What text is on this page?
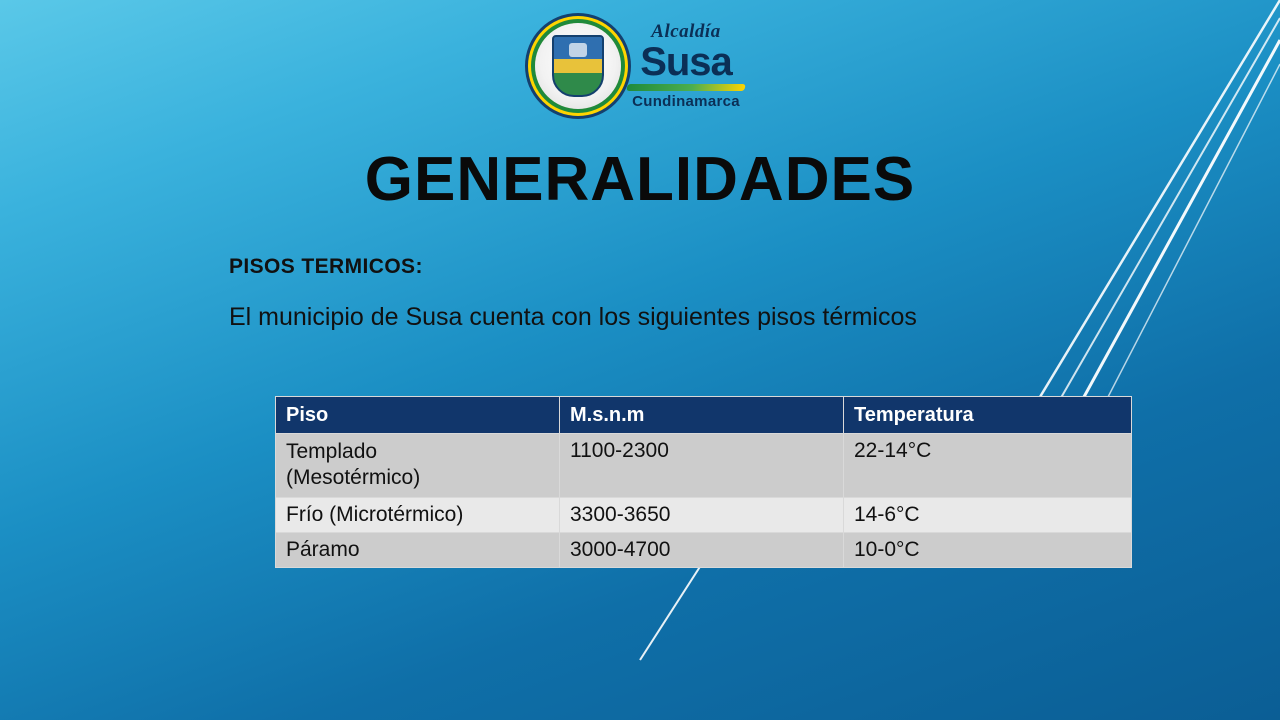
Alcaldía
Susa
Cundinamarca
GENERALIDADES
PISOS TERMICOS:
El municipio de Susa cuenta con los siguientes pisos térmicos
Piso	M.s.n.m	Temperatura

Templado
(Mesotérmico)	1100-2300	22-14°C
Frío (Microtérmico)	3300-3650	14-6°C
Páramo	3000-4700	10-0°C
